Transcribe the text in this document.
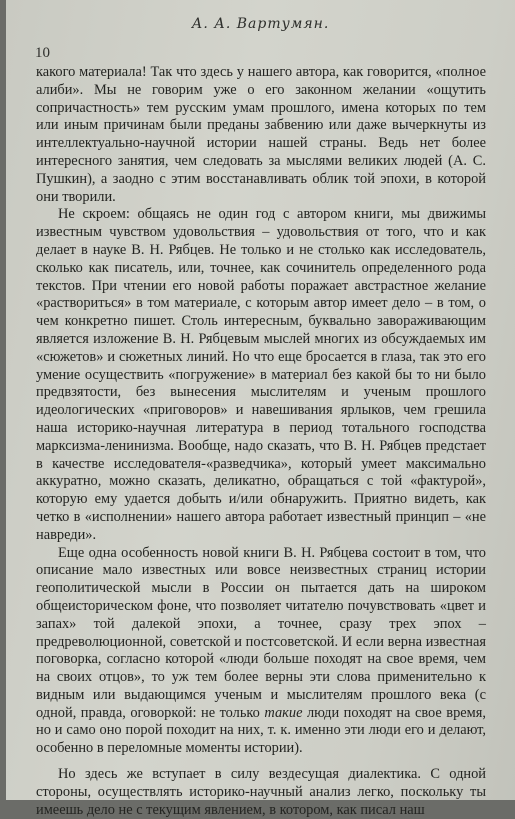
А. А. Вартумян.
10

какого материала! Так что здесь у нашего автора, как говорится, «полное алиби». Мы не говорим уже о его законном желании «ощутить сопричастность» тем русским умам прошлого, имена которых по тем или иным причинам были преданы забвению или даже вычеркнуты из интеллектуально-научной истории нашей страны. Ведь нет более интересного занятия, чем следовать за мыслями великих людей (А. С. Пушкин), а заодно с этим восстанавливать облик той эпохи, в которой они творили.

Не скроем: общаясь не один год с автором книги, мы движимы известным чувством удовольствия – удовольствия от того, что и как делает в науке В. Н. Рябцев. Не только и не столько как исследователь, сколько как писатель, или, точнее, как сочинитель определенного рода текстов. При чтении его новой работы поражает австрастное желание «раствориться» в том материале, с которым автор имеет дело – в том, о чем конкретно пишет. Столь интересным, буквально завораживающим является изложение В. Н. Рябцевым мыслей многих из обсуждаемых им «сюжетов» и сюжетных линий. Но что еще бросается в глаза, так это его умение осуществить «погружение» в материал без какой бы то ни было предвзятости, без вынесения мыслителям и ученым прошлого идеологических «приговоров» и навешивания ярлыков, чем грешила наша историко-научная литература в период тотального господства марксизма-ленинизма. Вообще, надо сказать, что В. Н. Рябцев предстает в качестве исследователя-«разведчика», который умеет максимально аккуратно, можно сказать, деликатно, обращаться с той «фактурой», которую ему удается добыть и/или обнаружить. Приятно видеть, как четко в «исполнении» нашего автора работает известный принцип – «не навреди».

Еще одна особенность новой книги В. Н. Рябцева состоит в том, что описание мало известных или вовсе неизвестных страниц истории геополитической мысли в России он пытается дать на широком общеисторическом фоне, что позволяет читателю почувствовать «цвет и запах» той далекой эпохи, а точнее, сразу трех эпох – предреволюционной, советской и постсоветской. И если верна известная поговорка, согласно которой «люди больше походят на свое время, чем на своих отцов», то уж тем более верны эти слова применительно к видным или выдающимся ученым и мыслителям прошлого века (с одной, правда, оговоркой: не только такие люди походят на свое время, но и само оно порой походит на них, т. к. именно эти люди его и делают, особенно в переломные моменты истории).

Но здесь же вступает в силу вездесущая диалектика. С одной стороны, осуществлять историко-научный анализ легко, поскольку ты имеешь дело не с текущим явлением, в котором, как писал наш
